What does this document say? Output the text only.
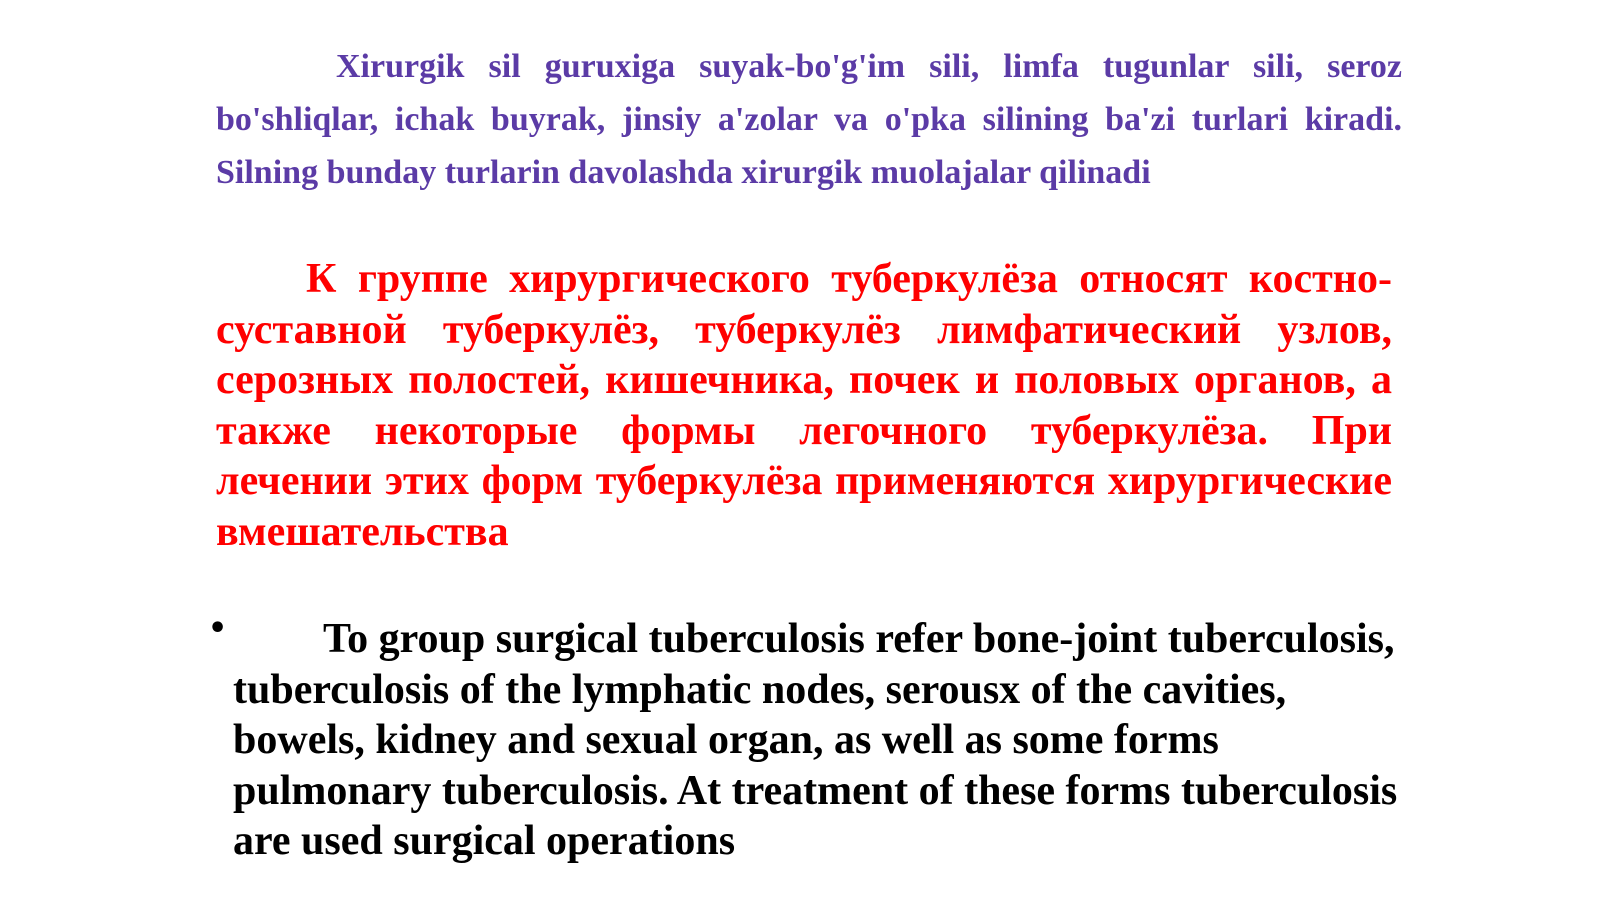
Xirurgik sil guruxiga suyak-bo'g'im sili, limfa tugunlar sili, seroz bo'shliqlar, ichak buyrak, jinsiy a'zolar va o'pka silining ba'zi turlari kiradi. Silning bunday turlarin davolashda xirurgik muolajalar qilinadi

К группе хирургического туберкулёза относят костно-суставной туберкулёз, туберкулёз лимфатический узлов, серозных полостей, кишечника, почек и половых органов, а также некоторые формы легочного туберкулёза. При лечении этих форм туберкулёза применяются хирургические вмешательства

•	To group surgical tuberculosis refer bone-joint tuberculosis, tuberculosis of the lymphatic nodes, serousx of the cavities, bowels, kidney and sexual organ, as well as some forms pulmonary tuberculosis. At treatment of these forms tuberculosis are used surgical operations
